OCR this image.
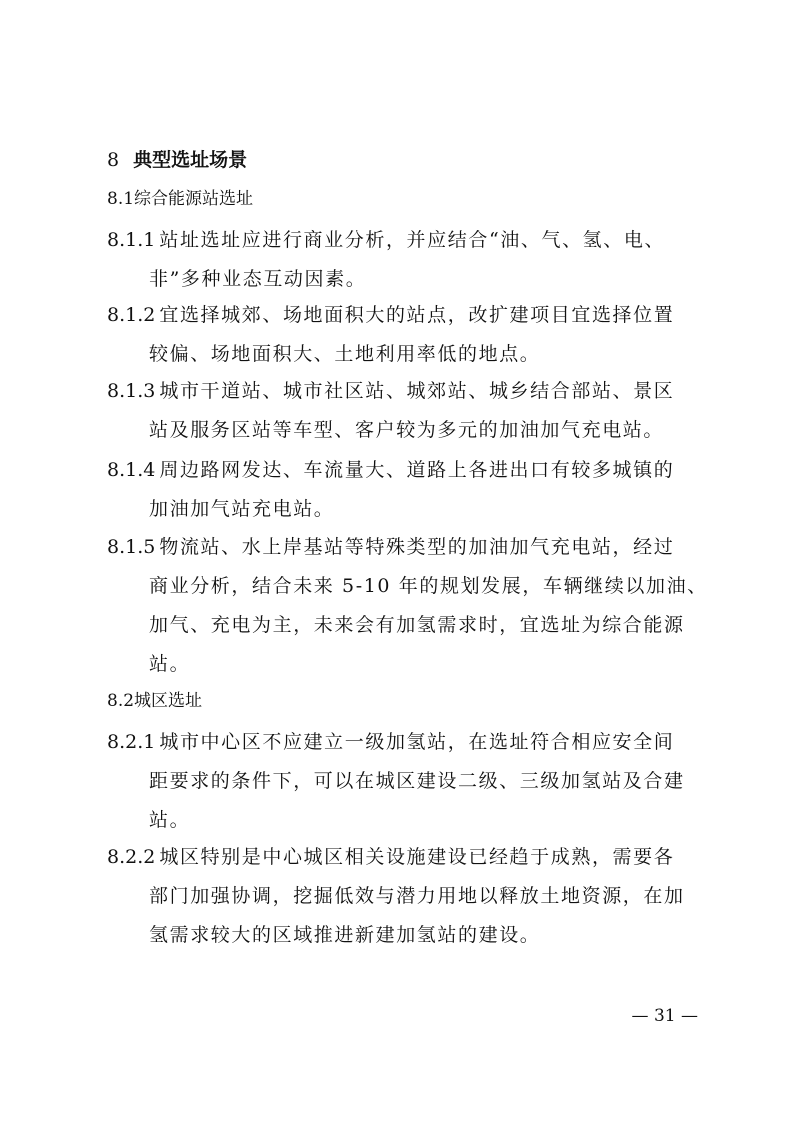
8 典型选址场景
8.1综合能源站选址
8.1.1 站址选址应进行商业分析，并应结合“油、气、氢、电、
非”多种业态互动因素。
8.1.2 宜选择城郊、场地面积大的站点，改扩建项目宜选择位置
较偏、场地面积大、土地利用率低的地点。
8.1.3 城市干道站、城市社区站、城郊站、城乡结合部站、景区
站及服务区站等车型、客户较为多元的加油加气充电站。
8.1.4 周边路网发达、车流量大、道路上各进出口有较多城镇的
加油加气站充电站。
8.1.5 物流站、水上岸基站等特殊类型的加油加气充电站，经过
商业分析，结合未来 5-10 年的规划发展，车辆继续以加油、
加气、充电为主，未来会有加氢需求时，宜选址为综合能源
站。
8.2城区选址
8.2.1 城市中心区不应建立一级加氢站，在选址符合相应安全间
距要求的条件下，可以在城区建设二级、三级加氢站及合建
站。
8.2.2 城区特别是中心城区相关设施建设已经趋于成熟，需要各
部门加强协调，挖掘低效与潜力用地以释放土地资源，在加
氢需求较大的区域推进新建加氢站的建设。
— 31 —
